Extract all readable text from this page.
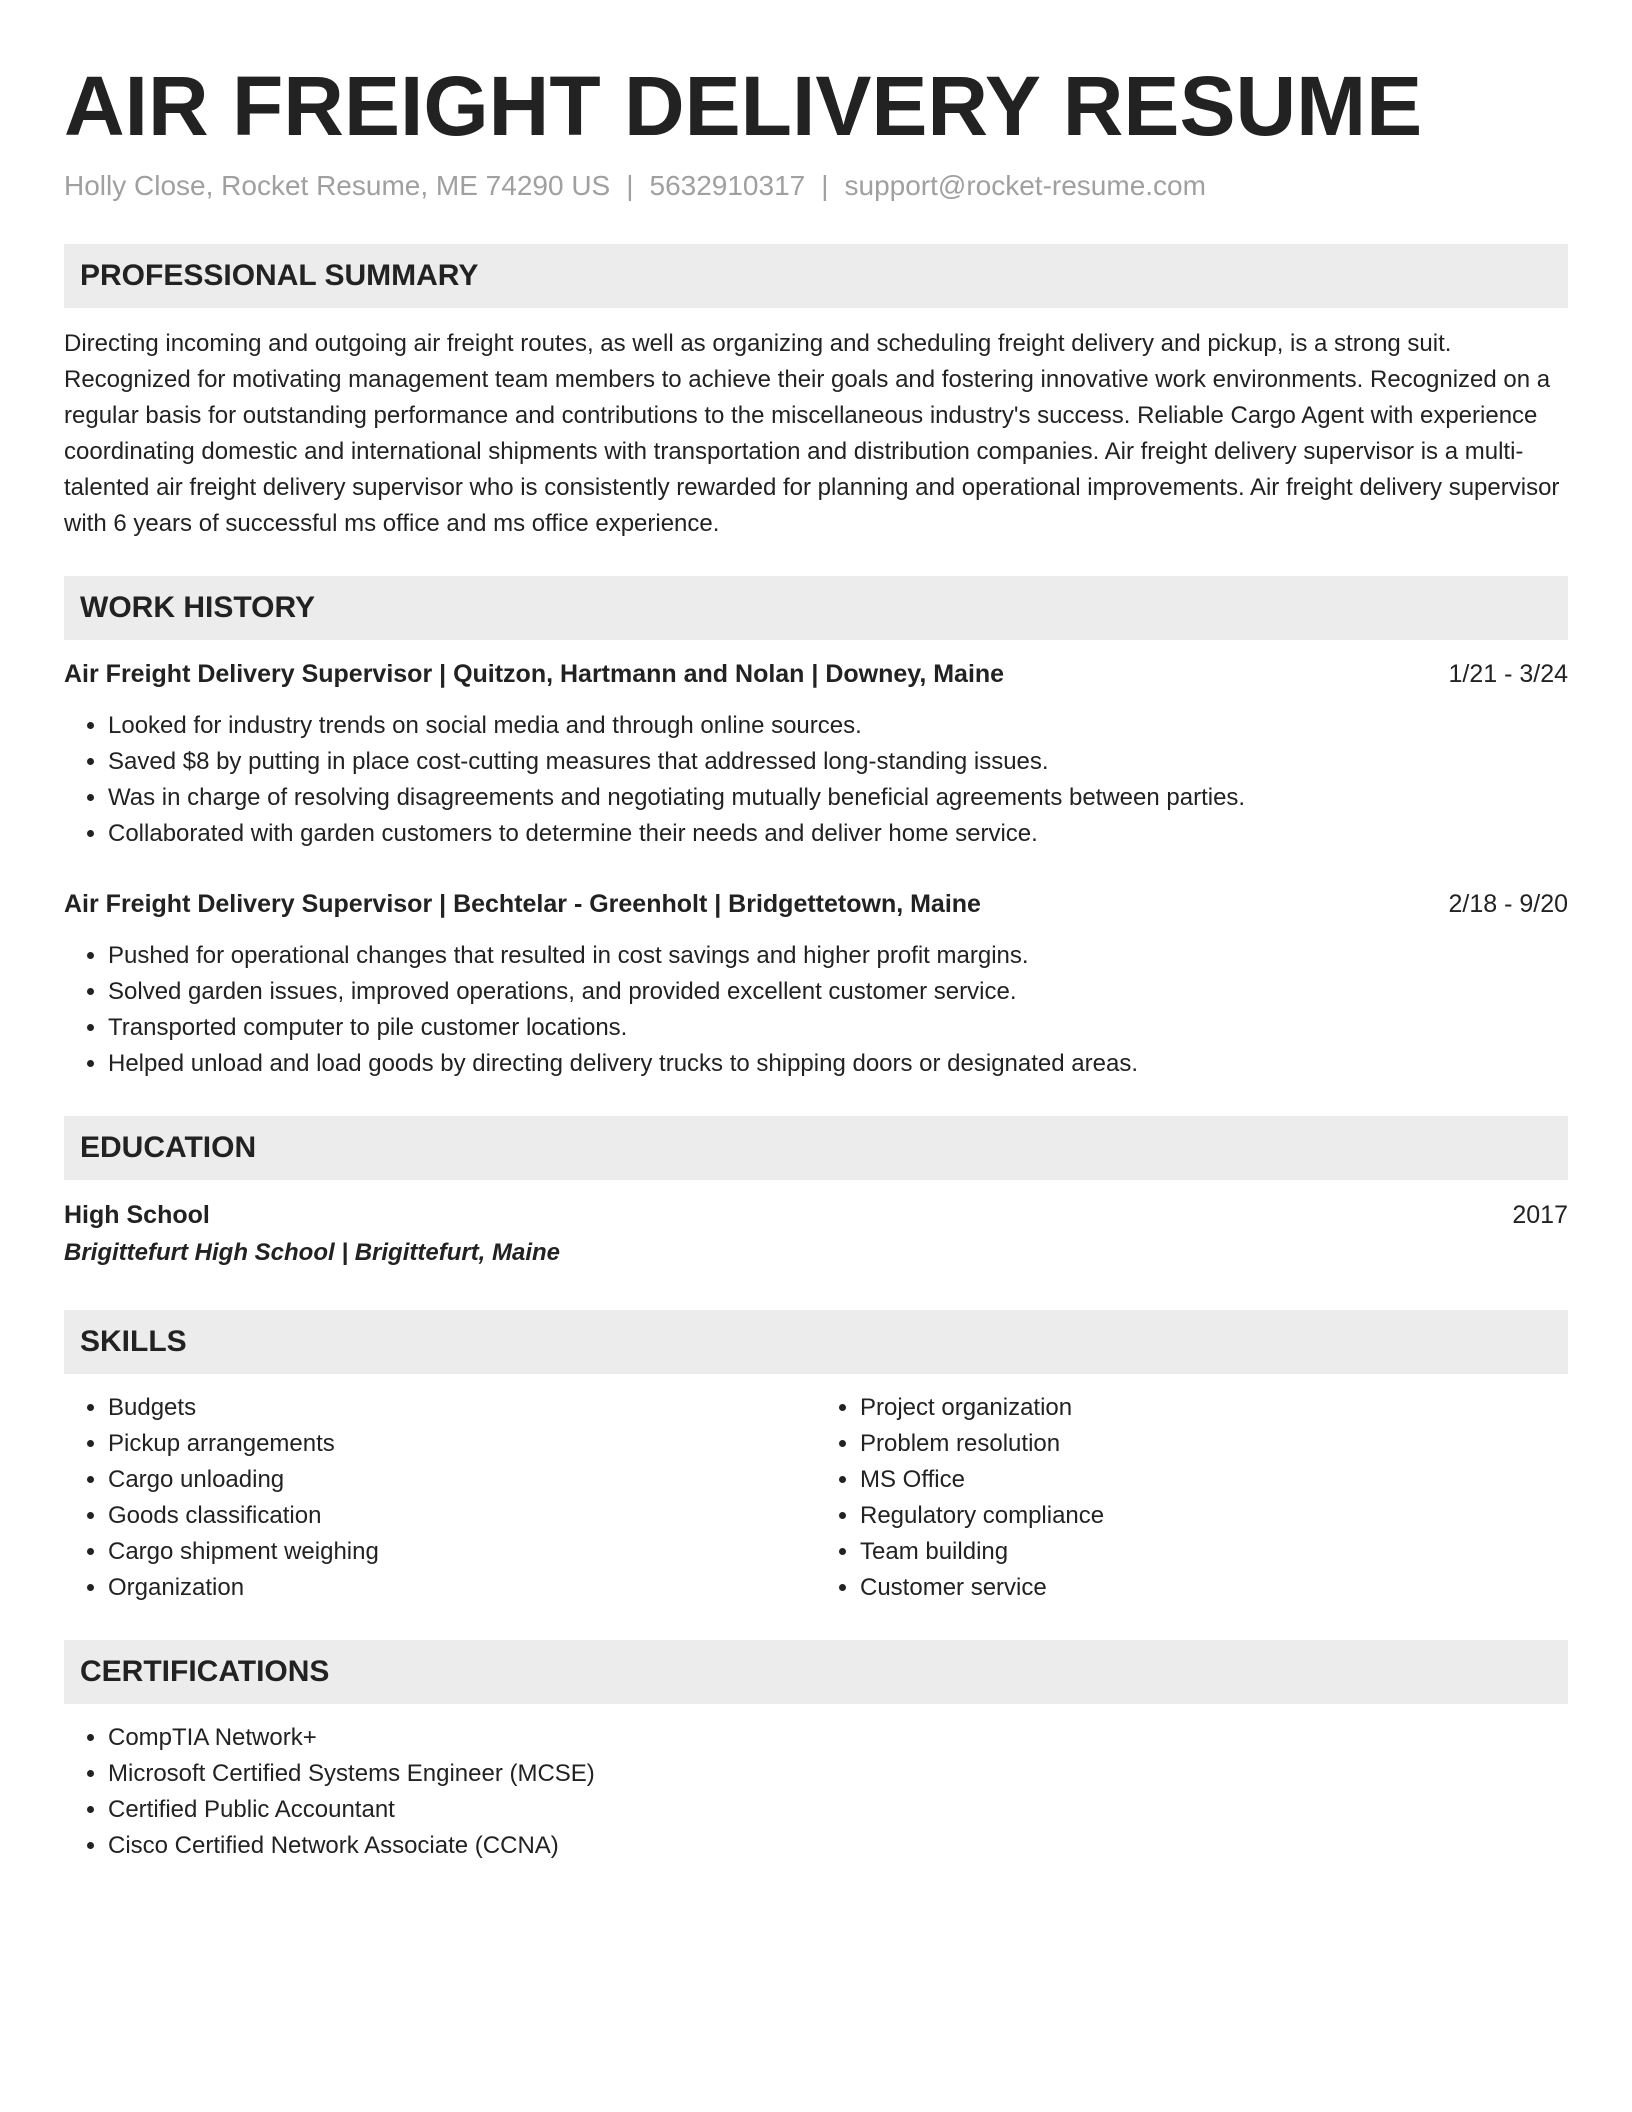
AIR FREIGHT DELIVERY RESUME
Holly Close, Rocket Resume, ME 74290 US | 5632910317 | support@rocket-resume.com
PROFESSIONAL SUMMARY

Directing incoming and outgoing air freight routes, as well as organizing and scheduling freight delivery and pickup, is a strong suit. Recognized for motivating management team members to achieve their goals and fostering innovative work environments. Recognized on a regular basis for outstanding performance and contributions to the miscellaneous industry's success. Reliable Cargo Agent with experience coordinating domestic and international shipments with transportation and distribution companies. Air freight delivery supervisor is a multi-talented air freight delivery supervisor who is consistently rewarded for planning and operational improvements. Air freight delivery supervisor with 6 years of successful ms office and ms office experience.

WORK HISTORY
Air Freight Delivery Supervisor | Quitzon, Hartmann and Nolan | Downey, Maine	1/21 - 3/24
• Looked for industry trends on social media and through online sources.
• Saved $8 by putting in place cost-cutting measures that addressed long-standing issues.
• Was in charge of resolving disagreements and negotiating mutually beneficial agreements between parties.
• Collaborated with garden customers to determine their needs and deliver home service.
Air Freight Delivery Supervisor | Bechtelar - Greenholt | Bridgettetown, Maine	2/18 - 9/20
• Pushed for operational changes that resulted in cost savings and higher profit margins.
• Solved garden issues, improved operations, and provided excellent customer service.
• Transported computer to pile customer locations.
• Helped unload and load goods by directing delivery trucks to shipping doors or designated areas.
EDUCATION
High School	2017
Brigittefurt High School | Brigittefurt, Maine
SKILLS
• Budgets
• Pickup arrangements
• Cargo unloading
• Goods classification
• Cargo shipment weighing
• Organization
• Project organization
• Problem resolution
• MS Office
• Regulatory compliance
• Team building
• Customer service
CERTIFICATIONS
• CompTIA Network+
• Microsoft Certified Systems Engineer (MCSE)
• Certified Public Accountant
• Cisco Certified Network Associate (CCNA)
